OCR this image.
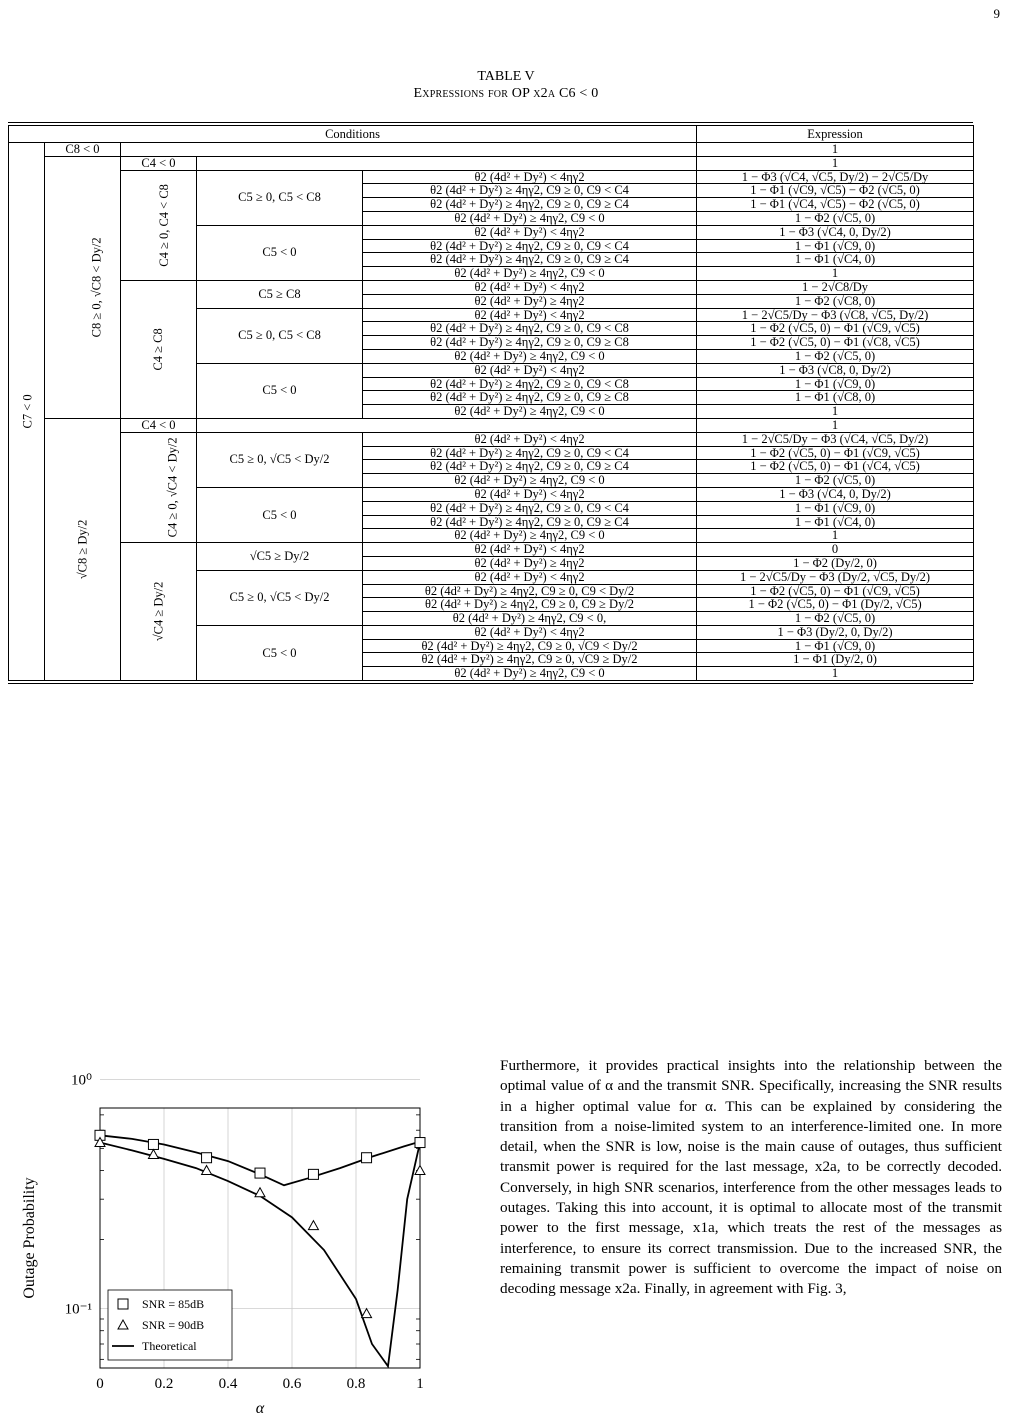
9
TABLE V
Expressions for OP x2a C6 < 0
Conditions					Expression
C7 < 0	C8 < 0				1
	C8 ≥ 0, √C8 < Dy/2	C4 < 0			1
		C4 ≥ 0, C4 < C8	C5 ≥ 0, C5 < C8	θ2 (4d² + Dy²) < 4ηγ2	1 − Φ3 (√C4, √C5, Dy/2) − 2√C5/Dy
				θ2 (4d² + Dy²) ≥ 4ηγ2, C9 ≥ 0, C9 < C4	1 − Φ1 (√C9, √C5) − Φ2 (√C5, 0)
				θ2 (4d² + Dy²) ≥ 4ηγ2, C9 ≥ 0, C9 ≥ C4	1 − Φ1 (√C4, √C5) − Φ2 (√C5, 0)
				θ2 (4d² + Dy²) ≥ 4ηγ2, C9 < 0	1 − Φ2 (√C5, 0)
			C5 < 0	θ2 (4d² + Dy²) < 4ηγ2	1 − Φ3 (√C4, 0, Dy/2)
				θ2 (4d² + Dy²) ≥ 4ηγ2, C9 ≥ 0, C9 < C4	1 − Φ1 (√C9, 0)
				θ2 (4d² + Dy²) ≥ 4ηγ2, C9 ≥ 0, C9 ≥ C4	1 − Φ1 (√C4, 0)
				θ2 (4d² + Dy²) ≥ 4ηγ2, C9 < 0	1
		C4 ≥ C8	C5 ≥ C8	θ2 (4d² + Dy²) < 4ηγ2	1 − 2√C8/Dy
				θ2 (4d² + Dy²) ≥ 4ηγ2	1 − Φ2 (√C8, 0)
			C5 ≥ 0, C5 < C8	θ2 (4d² + Dy²) < 4ηγ2	1 − 2√C5/Dy − Φ3 (√C8, √C5, Dy/2)
				θ2 (4d² + Dy²) ≥ 4ηγ2, C9 ≥ 0, C9 < C8	1 − Φ2 (√C5, 0) − Φ1 (√C9, √C5)
				θ2 (4d² + Dy²) ≥ 4ηγ2, C9 ≥ 0, C9 ≥ C8	1 − Φ2 (√C5, 0) − Φ1 (√C8, √C5)
				θ2 (4d² + Dy²) ≥ 4ηγ2, C9 < 0	1 − Φ2 (√C5, 0)
			C5 < 0	θ2 (4d² + Dy²) < 4ηγ2	1 − Φ3 (√C8, 0, Dy/2)
				θ2 (4d² + Dy²) ≥ 4ηγ2, C9 ≥ 0, C9 < C8	1 − Φ1 (√C9, 0)
				θ2 (4d² + Dy²) ≥ 4ηγ2, C9 ≥ 0, C9 ≥ C8	1 − Φ1 (√C8, 0)
				θ2 (4d² + Dy²) ≥ 4ηγ2, C9 < 0	1
	√C8 ≥ Dy/2	C4 < 0			1
		C4 ≥ 0, √C4 < Dy/2	C5 ≥ 0, √C5 < Dy/2	θ2 (4d² + Dy²) < 4ηγ2	1 − 2√C5/Dy − Φ3 (√C4, √C5, Dy/2)
				θ2 (4d² + Dy²) ≥ 4ηγ2, C9 ≥ 0, C9 < C4	1 − Φ2 (√C5, 0) − Φ1 (√C9, √C5)
				θ2 (4d² + Dy²) ≥ 4ηγ2, C9 ≥ 0, C9 ≥ C4	1 − Φ2 (√C5, 0) − Φ1 (√C4, √C5)
				θ2 (4d² + Dy²) ≥ 4ηγ2, C9 < 0	1 − Φ2 (√C5, 0)
			C5 < 0	θ2 (4d² + Dy²) < 4ηγ2	1 − Φ3 (√C4, 0, Dy/2)
				θ2 (4d² + Dy²) ≥ 4ηγ2, C9 ≥ 0, C9 < C4	1 − Φ1 (√C9, 0)
				θ2 (4d² + Dy²) ≥ 4ηγ2, C9 ≥ 0, C9 ≥ C4	1 − Φ1 (√C4, 0)
				θ2 (4d² + Dy²) ≥ 4ηγ2, C9 < 0	1
		√C4 ≥ Dy/2	√C5 ≥ Dy/2	θ2 (4d² + Dy²) < 4ηγ2	0
				θ2 (4d² + Dy²) ≥ 4ηγ2	1 − Φ2 (Dy/2, 0)
			C5 ≥ 0, √C5 < Dy/2	θ2 (4d² + Dy²) < 4ηγ2	1 − 2√C5/Dy − Φ3 (Dy/2, √C5, Dy/2)
				θ2 (4d² + Dy²) ≥ 4ηγ2, C9 ≥ 0, C9 < Dy/2	1 − Φ2 (√C5, 0) − Φ1 (√C9, √C5)
				θ2 (4d² + Dy²) ≥ 4ηγ2, C9 ≥ 0, C9 ≥ Dy/2	1 − Φ2 (√C5, 0) − Φ1 (Dy/2, √C5)
				θ2 (4d² + Dy²) ≥ 4ηγ2, C9 < 0,	1 − Φ2 (√C5, 0)
			C5 < 0	θ2 (4d² + Dy²) < 4ηγ2	1 − Φ3 (Dy/2, 0, Dy/2)
				θ2 (4d² + Dy²) ≥ 4ηγ2, C9 ≥ 0, √C9 < Dy/2	1 − Φ1 (√C9, 0)
				θ2 (4d² + Dy²) ≥ 4ηγ2, C9 ≥ 0, √C9 ≥ Dy/2	1 − Φ1 (Dy/2, 0)
				θ2 (4d² + Dy²) ≥ 4ηγ2, C9 < 0	1
0	0.2	0.4	0.6	0.8	1
10⁰
10⁻¹
α
Outage Probability
SNR = 85dB
SNR = 90dB
Theoretical
Furthermore, it provides practical insights into the relationship between the optimal value of α and the transmit SNR. Specifically, increasing the SNR results in a higher optimal value for α. This can be explained by considering the transition from a noise-limited system to an interference-limited one. In more detail, when the SNR is low, noise is the main cause of outages, thus sufficient transmit power is required for the last message, x2a, to be correctly decoded. Conversely, in high SNR scenarios, interference from the other messages leads to outages. Taking this into account, it is optimal to allocate most of the transmit power to the first message, x1a, which treats the rest of the messages as interference, to ensure its correct transmission. Due to the increased SNR, the remaining transmit power is sufficient to overcome the impact of noise on decoding message x2a. Finally, in agreement with Fig. 3,
